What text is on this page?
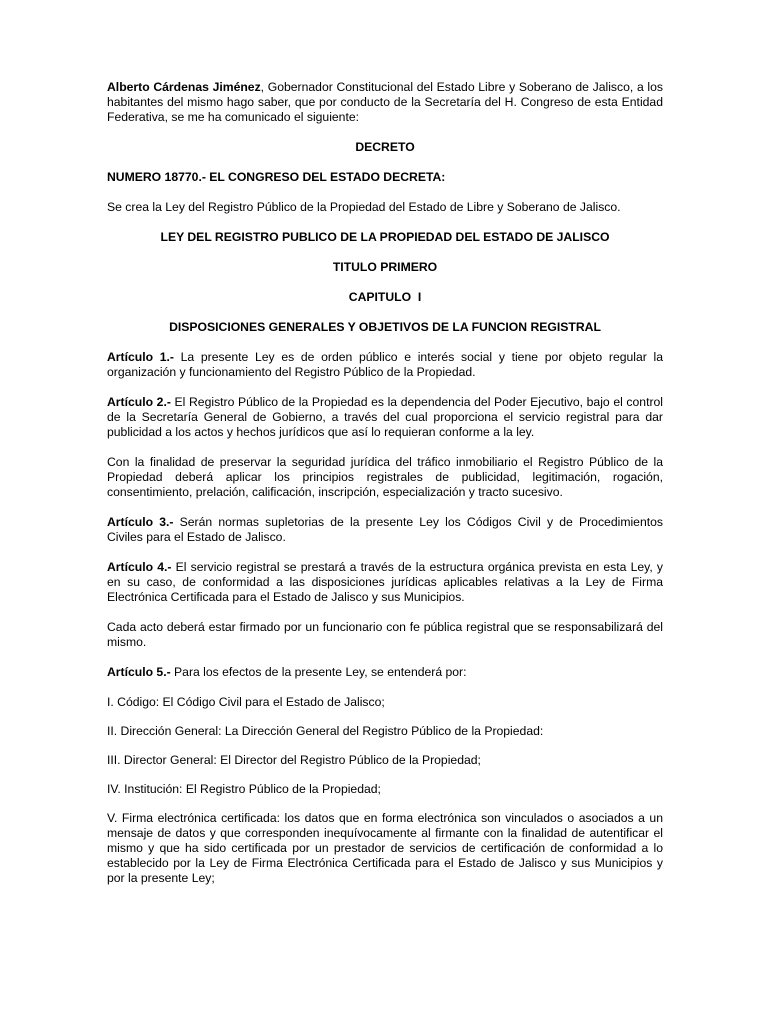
Alberto Cárdenas Jiménez, Gobernador Constitucional del Estado Libre y Soberano de Jalisco, a los habitantes del mismo hago saber, que por conducto de la Secretaría del H. Congreso de esta Entidad Federativa, se me ha comunicado el siguiente:

DECRETO

NUMERO 18770.- EL CONGRESO DEL ESTADO DECRETA:

Se crea la Ley del Registro Público de la Propiedad del Estado de Libre y Soberano de Jalisco.

LEY DEL REGISTRO PUBLICO DE LA PROPIEDAD DEL ESTADO DE JALISCO

TITULO PRIMERO

CAPITULO  I

DISPOSICIONES GENERALES Y OBJETIVOS DE LA FUNCION REGISTRAL

Artículo 1.- La presente Ley es de orden público e interés social y tiene por objeto regular la organización y funcionamiento del Registro Público de la Propiedad.

Artículo 2.- El Registro Público de la Propiedad es la dependencia del Poder Ejecutivo, bajo el control de la Secretaría General de Gobierno, a través del cual proporciona el servicio registral para dar publicidad a los actos y hechos jurídicos que así lo requieran conforme a la ley.

Con la finalidad de preservar la seguridad jurídica del tráfico inmobiliario el Registro Público de la Propiedad deberá aplicar los principios registrales de publicidad, legitimación, rogación, consentimiento, prelación, calificación, inscripción, especialización y tracto sucesivo.

Artículo 3.- Serán normas supletorias de la presente Ley los Códigos Civil y de Procedimientos Civiles para el Estado de Jalisco.

Artículo 4.- El servicio registral se prestará a través de la estructura orgánica prevista en esta Ley, y en su caso, de conformidad a las disposiciones jurídicas aplicables relativas a la Ley de Firma Electrónica Certificada para el Estado de Jalisco y sus Municipios.

Cada acto deberá estar firmado por un funcionario con fe pública registral que se responsabilizará del mismo.

Artículo 5.- Para los efectos de la presente Ley, se entenderá por:

I. Código: El Código Civil para el Estado de Jalisco;

II. Dirección General: La Dirección General del Registro Público de la Propiedad:

III. Director General: El Director del Registro Público de la Propiedad;

IV. Institución: El Registro Público de la Propiedad;

V. Firma electrónica certificada: los datos que en forma electrónica son vinculados o asociados a un mensaje de datos y que corresponden inequívocamente al firmante con la finalidad de autentificar el mismo y que ha sido certificada por un prestador de servicios de certificación de conformidad a lo establecido por la Ley de Firma Electrónica Certificada para el Estado de Jalisco y sus Municipios y por la presente Ley;
